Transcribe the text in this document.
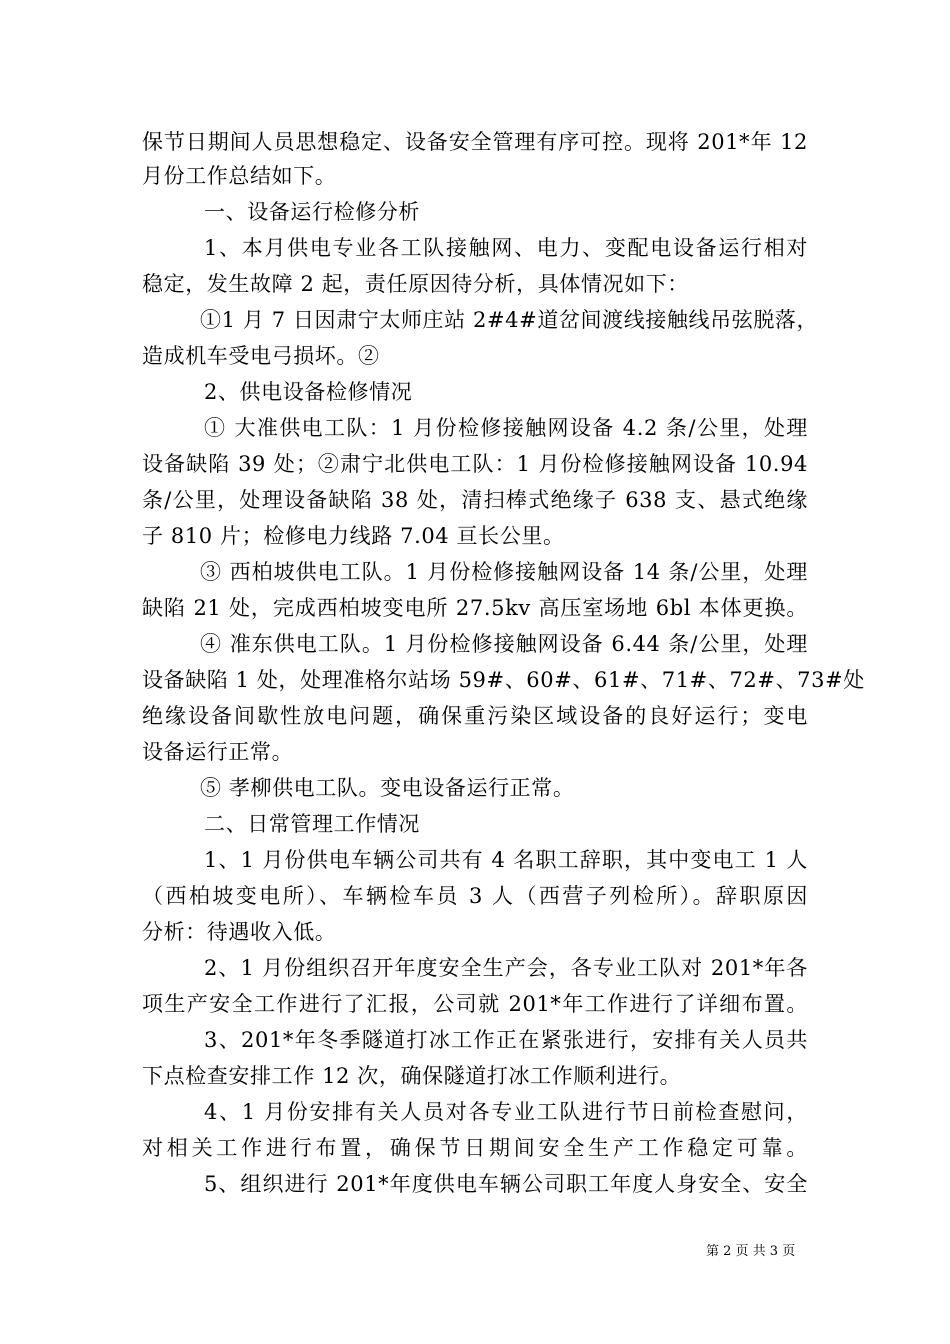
保节日期间人员思想稳定、设备安全管理有序可控。现将 201*年 12
月份工作总结如下。
一、设备运行检修分析
1、本月供电专业各工队接触网、电力、变配电设备运行相对
稳定，发生故障 2 起，责任原因待分析，具体情况如下：
①1 月 7 日因肃宁太师庄站 2#4#道岔间渡线接触线吊弦脱落，
造成机车受电弓损坏。②
2、供电设备检修情况
① 大准供电工队：1 月份检修接触网设备 4.2 条/公里，处理
设备缺陷 39 处；②肃宁北供电工队：1 月份检修接触网设备 10.94
条/公里，处理设备缺陷 38 处，清扫棒式绝缘子 638 支、悬式绝缘
子 810 片；检修电力线路 7.04 亘长公里。
③ 西柏坡供电工队。1 月份检修接触网设备 14 条/公里，处理
缺陷 21 处，完成西柏坡变电所 27.5kv 高压室场地 6bl 本体更换。
④ 准东供电工队。1 月份检修接触网设备 6.44 条/公里，处理
设备缺陷 1 处，处理准格尔站场 59#、60#、61#、71#、72#、73#处
绝缘设备间歇性放电问题，确保重污染区域设备的良好运行；变电
设备运行正常。
⑤ 孝柳供电工队。变电设备运行正常。
二、日常管理工作情况
1、1 月份供电车辆公司共有 4 名职工辞职，其中变电工 1 人
（西柏坡变电所）、车辆检车员 3 人（西营子列检所）。辞职原因
分析：待遇收入低。
2、1 月份组织召开年度安全生产会，各专业工队对 201*年各
项生产安全工作进行了汇报，公司就 201*年工作进行了详细布置。
3、201*年冬季隧道打冰工作正在紧张进行，安排有关人员共
下点检查安排工作 12 次，确保隧道打冰工作顺利进行。
4、1 月份安排有关人员对各专业工队进行节日前检查慰问，
对相关工作进行布置，确保节日期间安全生产工作稳定可靠。
5、组织进行 201*年度供电车辆公司职工年度人身安全、安全
第 2 页 共 3 页
